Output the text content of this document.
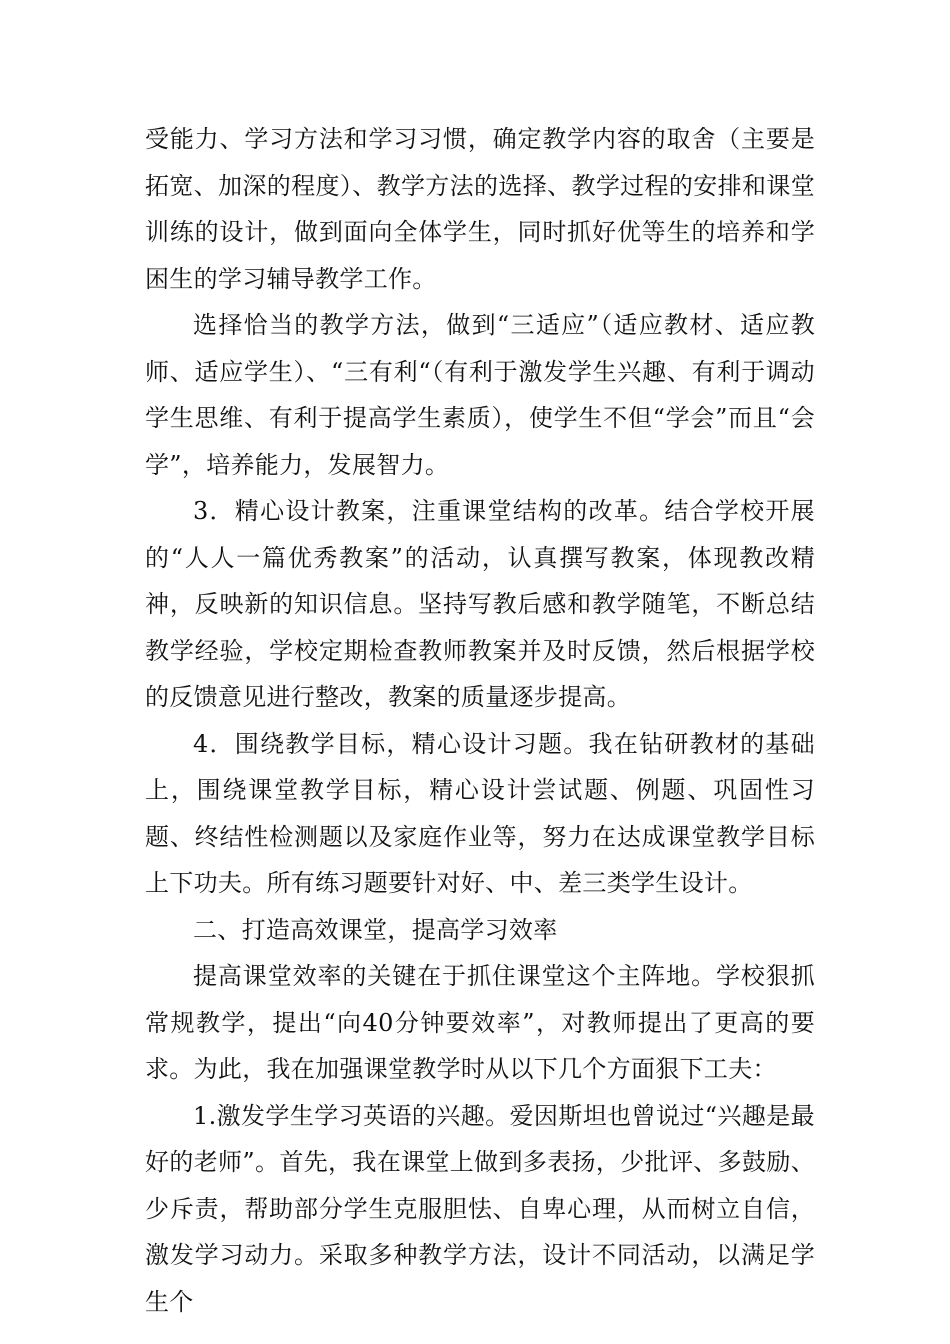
受能力、学习方法和学习习惯，确定教学内容的取舍（主要是拓宽、加深的程度）、教学方法的选择、教学过程的安排和课堂训练的设计，做到面向全体学生，同时抓好优等生的培养和学困生的学习辅导教学工作。

选择恰当的教学方法，做到“三适应”（适应教材、适应教师、适应学生）、“三有利“（有利于激发学生兴趣、有利于调动学生思维、有利于提高学生素质），使学生不但“学会”而且“会学”，培养能力，发展智力。

3．精心设计教案，注重课堂结构的改革。结合学校开展的“人人一篇优秀教案”的活动，认真撰写教案，体现教改精神，反映新的知识信息。坚持写教后感和教学随笔，不断总结教学经验，学校定期检查教师教案并及时反馈，然后根据学校的反馈意见进行整改，教案的质量逐步提高。

4．围绕教学目标，精心设计习题。我在钻研教材的基础上，围绕课堂教学目标，精心设计尝试题、例题、巩固性习题、终结性检测题以及家庭作业等，努力在达成课堂教学目标上下功夫。所有练习题要针对好、中、差三类学生设计。

二、打造高效课堂，提高学习效率

提高课堂效率的关键在于抓住课堂这个主阵地。学校狠抓常规教学，提出“向40分钟要效率”，对教师提出了更高的要求。为此，我在加强课堂教学时从以下几个方面狠下工夫：

1.激发学生学习英语的兴趣。爱因斯坦也曾说过“兴趣是最好的老师”。首先，我在课堂上做到多表扬，少批评、多鼓励、少斥责，帮助部分学生克服胆怯、自卑心理，从而树立自信，激发学习动力。采取多种教学方法，设计不同活动，以满足学生个
